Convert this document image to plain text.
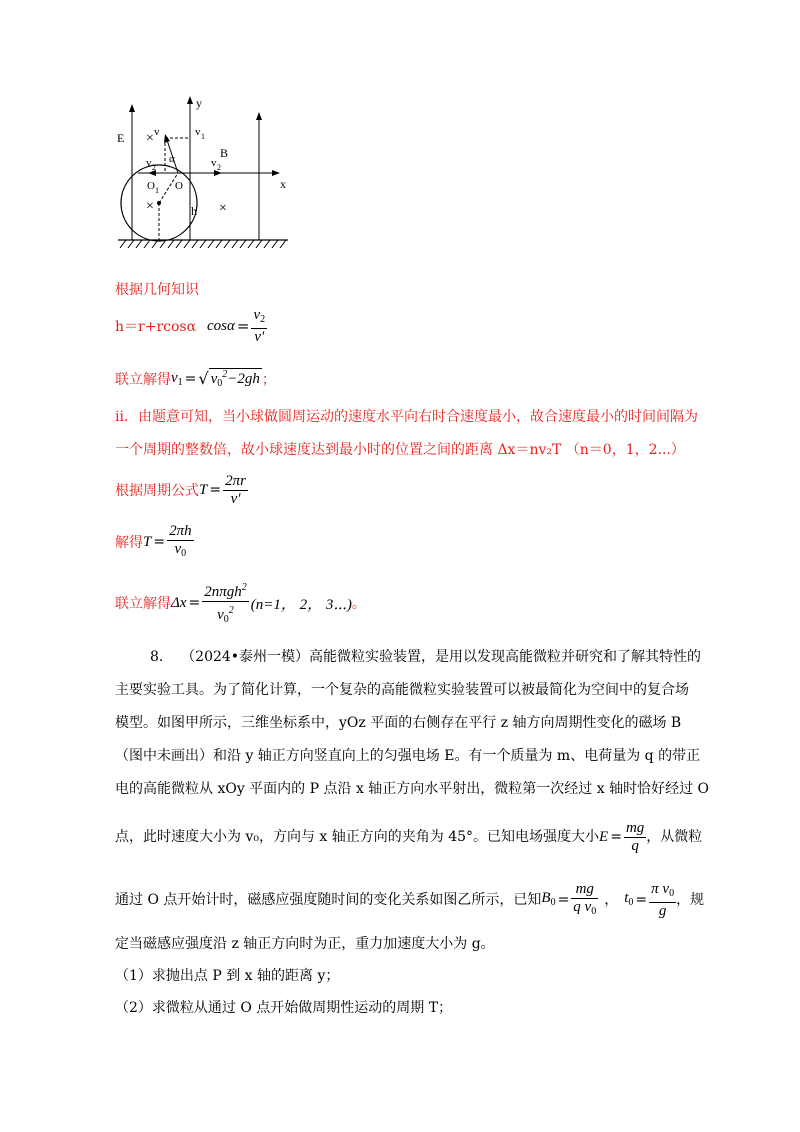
y
x
E
B
v	v 1
v 2	v 2
α
O 1 O
h
×
×	×
根据几何知识
h＝r+rcosα $\cos\alpha = \frac{v_2}{v'}$
联立解得 $v_1$ = √ $v_0^2-2gh$ ；
ii．由题意可知，当小球做圆周运动的速度水平向右时合速度最小，故合速度最小的时间间隔为
一个周期的整数倍，故小球速度达到最小时的位置之间的距离 Δx＝nv₂T （n＝0，1，2...）
根据周期公式 $T = \frac{2\pi r}{v'}$
解得 $T = \frac{2\pi h}{v_0}$
联立解得 $\Delta x = \frac{2n\pi gh^2}{v_0^2} (n=1$， 2， 3⋯) 。
8. （2024•泰州一模）高能微粒实验装置，是用以发现高能微粒并研究和了解其特性的
主要实验工具。为了简化计算，一个复杂的高能微粒实验装置可以被最简化为空间中的复合场
模型。如图甲所示，三维坐标系中，yOz 平面的右侧存在平行 z 轴方向周期性变化的磁场 B
（图中未画出）和沿 y 轴正方向竖直向上的匀强电场 E。有一个质量为 m、电荷量为 q 的带正
电的高能微粒从 xOy 平面内的 P 点沿 x 轴正方向水平射出，微粒第一次经过 x 轴时恰好经过 O
点，此时速度大小为 v₀，方向与 x 轴正方向的夹角为 45°。已知电场强度大小 $E = \frac{mg}{q}$ ，从微粒
通过 O 点开始计时，磁感应强度随时间的变化关系如图乙所示，已知 $B_0 = \frac{mg}{q v_0}$ ， $t_0 = \frac{\pi v_0}{g}$ ，规
定当磁感应强度沿 z 轴正方向时为正，重力加速度大小为 g。
（1）求抛出点 P 到 x 轴的距离 y；
（2）求微粒从通过 O 点开始做周期性运动的周期 T；
